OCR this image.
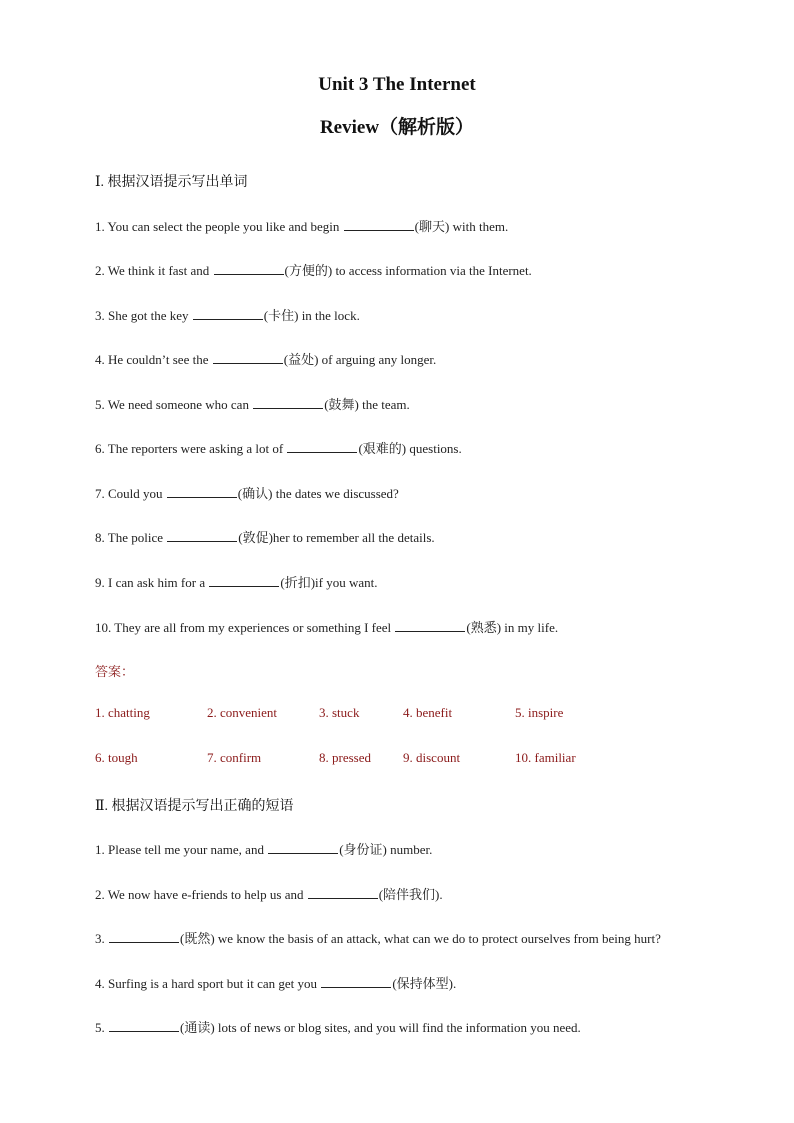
Unit 3 The Internet
Review（解析版）
Ⅰ. 根据汉语提示写出单词
1. You can select the people you like and begin	(聊天) with them.
2. We think it fast and	(方便的) to access information via the Internet.
3. She got the key	(卡住) in the lock.
4. He couldn’t see the	(益处) of arguing any longer.
5. We need someone who can	(鼓舞) the team.
6. The reporters were asking a lot of	(艰难的) questions.
7. Could you	(确认) the dates we discussed?
8. The police	(敦促)her to remember all the details.
9. I can ask him for a	(折扣)if you want.
10. They are all from my experiences or something I feel	(熟悉) in my life.
答案：
1. chatting	2. convenient	3. stuck	4. benefit	5. inspire
6. tough	7. confirm	8. pressed 9. discount	10. familiar
Ⅱ. 根据汉语提示写出正确的短语
1. Please tell me your name, and	(身份证) number.
2. We now have e-friends to help us and	(陪伴我们).
3.	(既然) we know the basis of an attack, what can we do to protect ourselves from being hurt?
4. Surfing is a hard sport but it can get you	(保持体型).
5.	(通读) lots of news or blog sites, and you will find the information you need.
